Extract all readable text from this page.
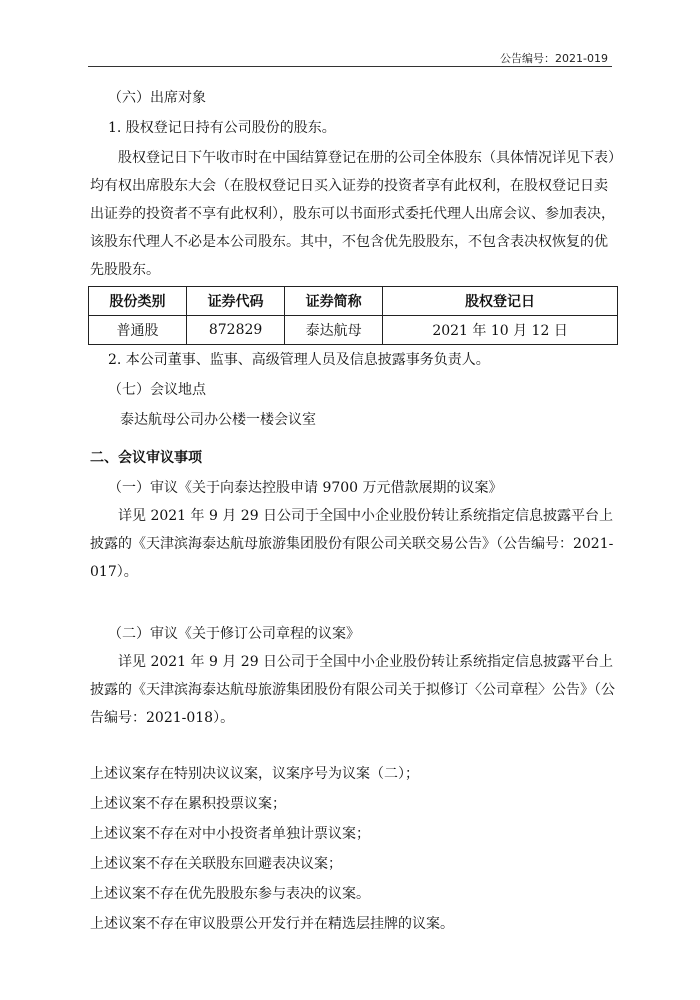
公告编号：2021-019
（六）出席对象
1. 股权登记日持有公司股份的股东。
股权登记日下午收市时在中国结算登记在册的公司全体股东（具体情况详见下表）均有权出席股东大会（在股权登记日买入证券的投资者享有此权利，在股权登记日卖出证券的投资者不享有此权利），股东可以书面形式委托代理人出席会议、参加表决，该股东代理人不必是本公司股东。其中，不包含优先股股东，不包含表决权恢复的优先股股东。
股份类别	证券代码	证券简称	股权登记日
普通股	872829	泰达航母	2021 年 10 月 12 日
2. 本公司董事、监事、高级管理人员及信息披露事务负责人。
（七）会议地点
泰达航母公司办公楼一楼会议室
二、会议审议事项
（一）审议《关于向泰达控股申请 9700 万元借款展期的议案》
详见 2021 年 9 月 29 日公司于全国中小企业股份转让系统指定信息披露平台上披露的《天津滨海泰达航母旅游集团股份有限公司关联交易公告》（公告编号：2021-017）。
（二）审议《关于修订公司章程的议案》
详见 2021 年 9 月 29 日公司于全国中小企业股份转让系统指定信息披露平台上披露的《天津滨海泰达航母旅游集团股份有限公司关于拟修订〈公司章程〉公告》（公告编号：2021-018）。
上述议案存在特别决议议案，议案序号为议案（二）；
上述议案不存在累积投票议案；
上述议案不存在对中小投资者单独计票议案；
上述议案不存在关联股东回避表决议案；
上述议案不存在优先股股东参与表决的议案。
上述议案不存在审议股票公开发行并在精选层挂牌的议案。
